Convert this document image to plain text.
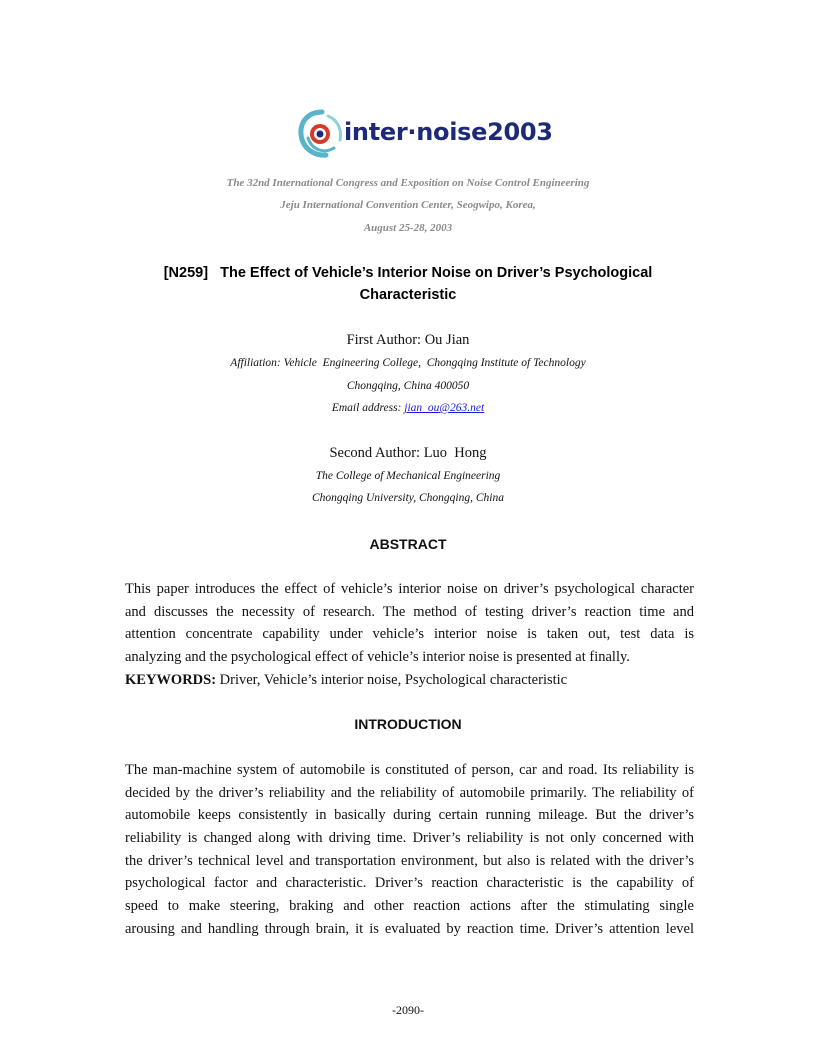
inter·noise2003
The 32nd International Congress and Exposition on Noise Control Engineering
Jeju International Convention Center, Seogwipo, Korea,
August 25-28, 2003
[N259]   The Effect of Vehicle’s Interior Noise on Driver’s Psychological
Characteristic
First Author: Ou Jian
Affiliation: Vehicle  Engineering College,  Chongqing Institute of Technology
Chongqing, China 400050
Email address: jian_ou@263.net
Second Author: Luo  Hong
The College of Mechanical Engineering
Chongqing University, Chongqing, China
ABSTRACT
This paper introduces the effect of vehicle’s interior noise on driver’s psychological character
and discusses the necessity of research. The method of testing driver’s reaction time and
attention concentrate capability under vehicle’s interior noise is taken out, test data is
analyzing and the psychological effect of vehicle’s interior noise is presented at finally.
KEYWORDS: Driver, Vehicle’s interior noise, Psychological characteristic
INTRODUCTION
The man-machine system of automobile is constituted of person, car and road. Its reliability is
decided by the driver’s reliability and the reliability of automobile primarily. The reliability of
automobile keeps consistently in basically during certain running mileage. But the driver’s
reliability is changed along with driving time. Driver’s reliability is not only concerned with
the driver’s technical level and transportation environment, but also is related with the driver’s
psychological factor and characteristic. Driver’s reaction characteristic is the capability of
speed to make steering, braking and other reaction actions after the stimulating single
arousing and handling through brain, it is evaluated by reaction time. Driver’s attention level
-2090-
